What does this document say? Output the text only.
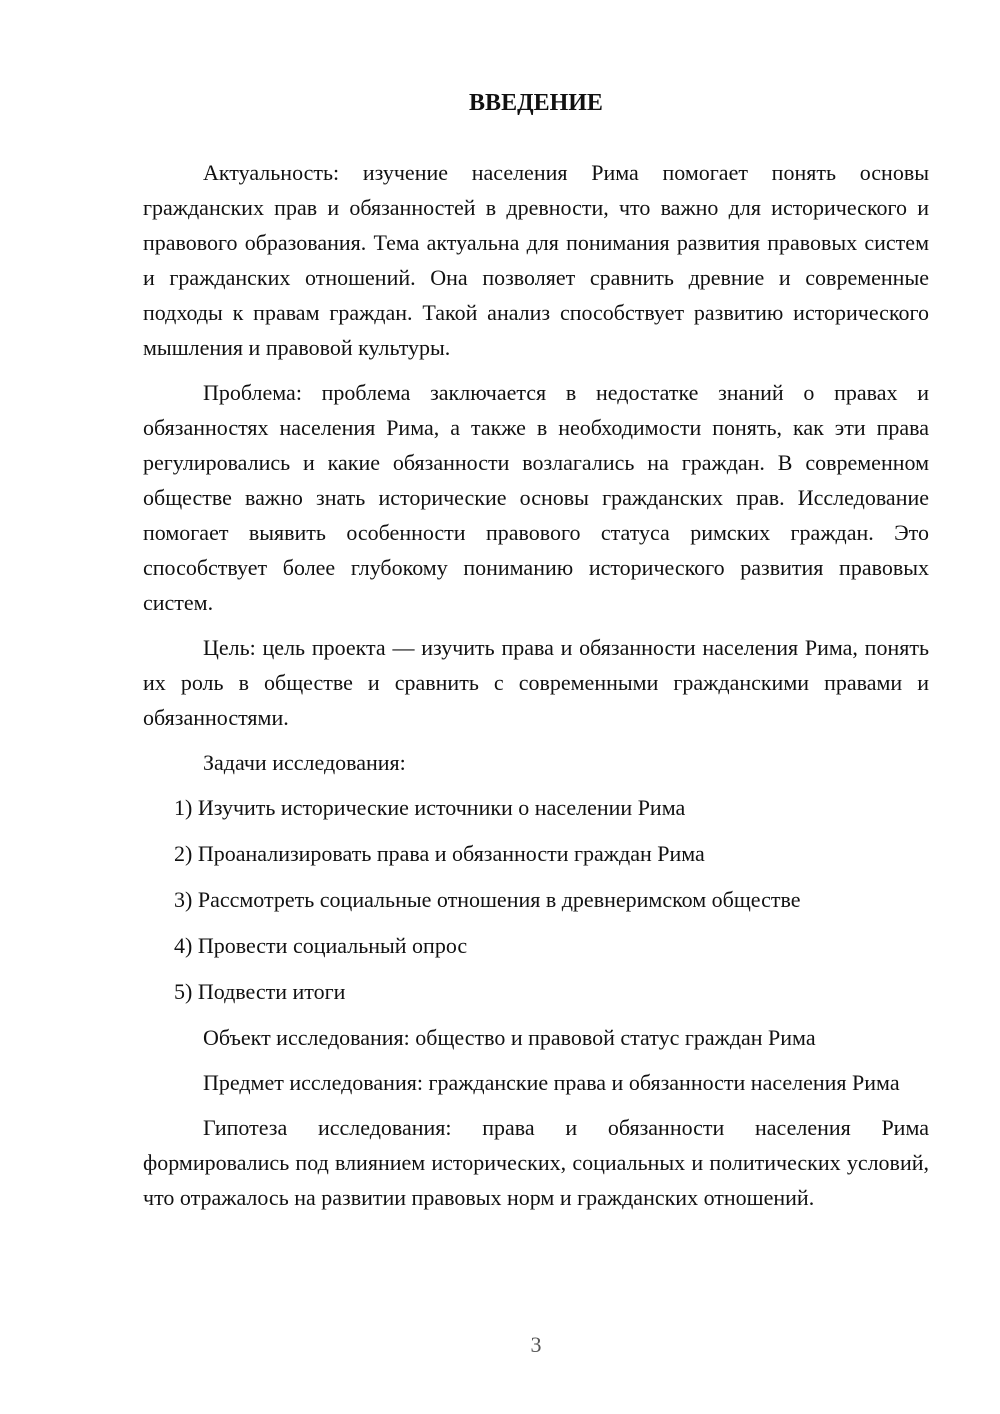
ВВЕДЕНИЕ

Актуальность: изучение населения Рима помогает понять основы гражданских прав и обязанностей в древности, что важно для исторического и правового образования. Тема актуальна для понимания развития правовых систем и гражданских отношений. Она позволяет сравнить древние и современные подходы к правам граждан. Такой анализ способствует развитию исторического мышления и правовой культуры.

Проблема: проблема заключается в недостатке знаний о правах и обязанностях населения Рима, а также в необходимости понять, как эти права регулировались и какие обязанности возлагались на граждан. В современном обществе важно знать исторические основы гражданских прав. Исследование помогает выявить особенности правового статуса римских граждан. Это способствует более глубокому пониманию исторического развития правовых систем.

Цель: цель проекта — изучить права и обязанности населения Рима, понять их роль в обществе и сравнить с современными гражданскими правами и обязанностями.

Задачи исследования:

1) Изучить исторические источники о населении Рима
2) Проанализировать права и обязанности граждан Рима
3) Рассмотреть социальные отношения в древнеримском обществе
4) Провести социальный опрос
5) Подвести итоги

Объект исследования: общество и правовой статус граждан Рима

Предмет исследования: гражданские права и обязанности населения Рима

Гипотеза исследования: права и обязанности населения Рима формировались под влиянием исторических, социальных и политических условий, что отражалось на развитии правовых норм и гражданских отношений.

3
